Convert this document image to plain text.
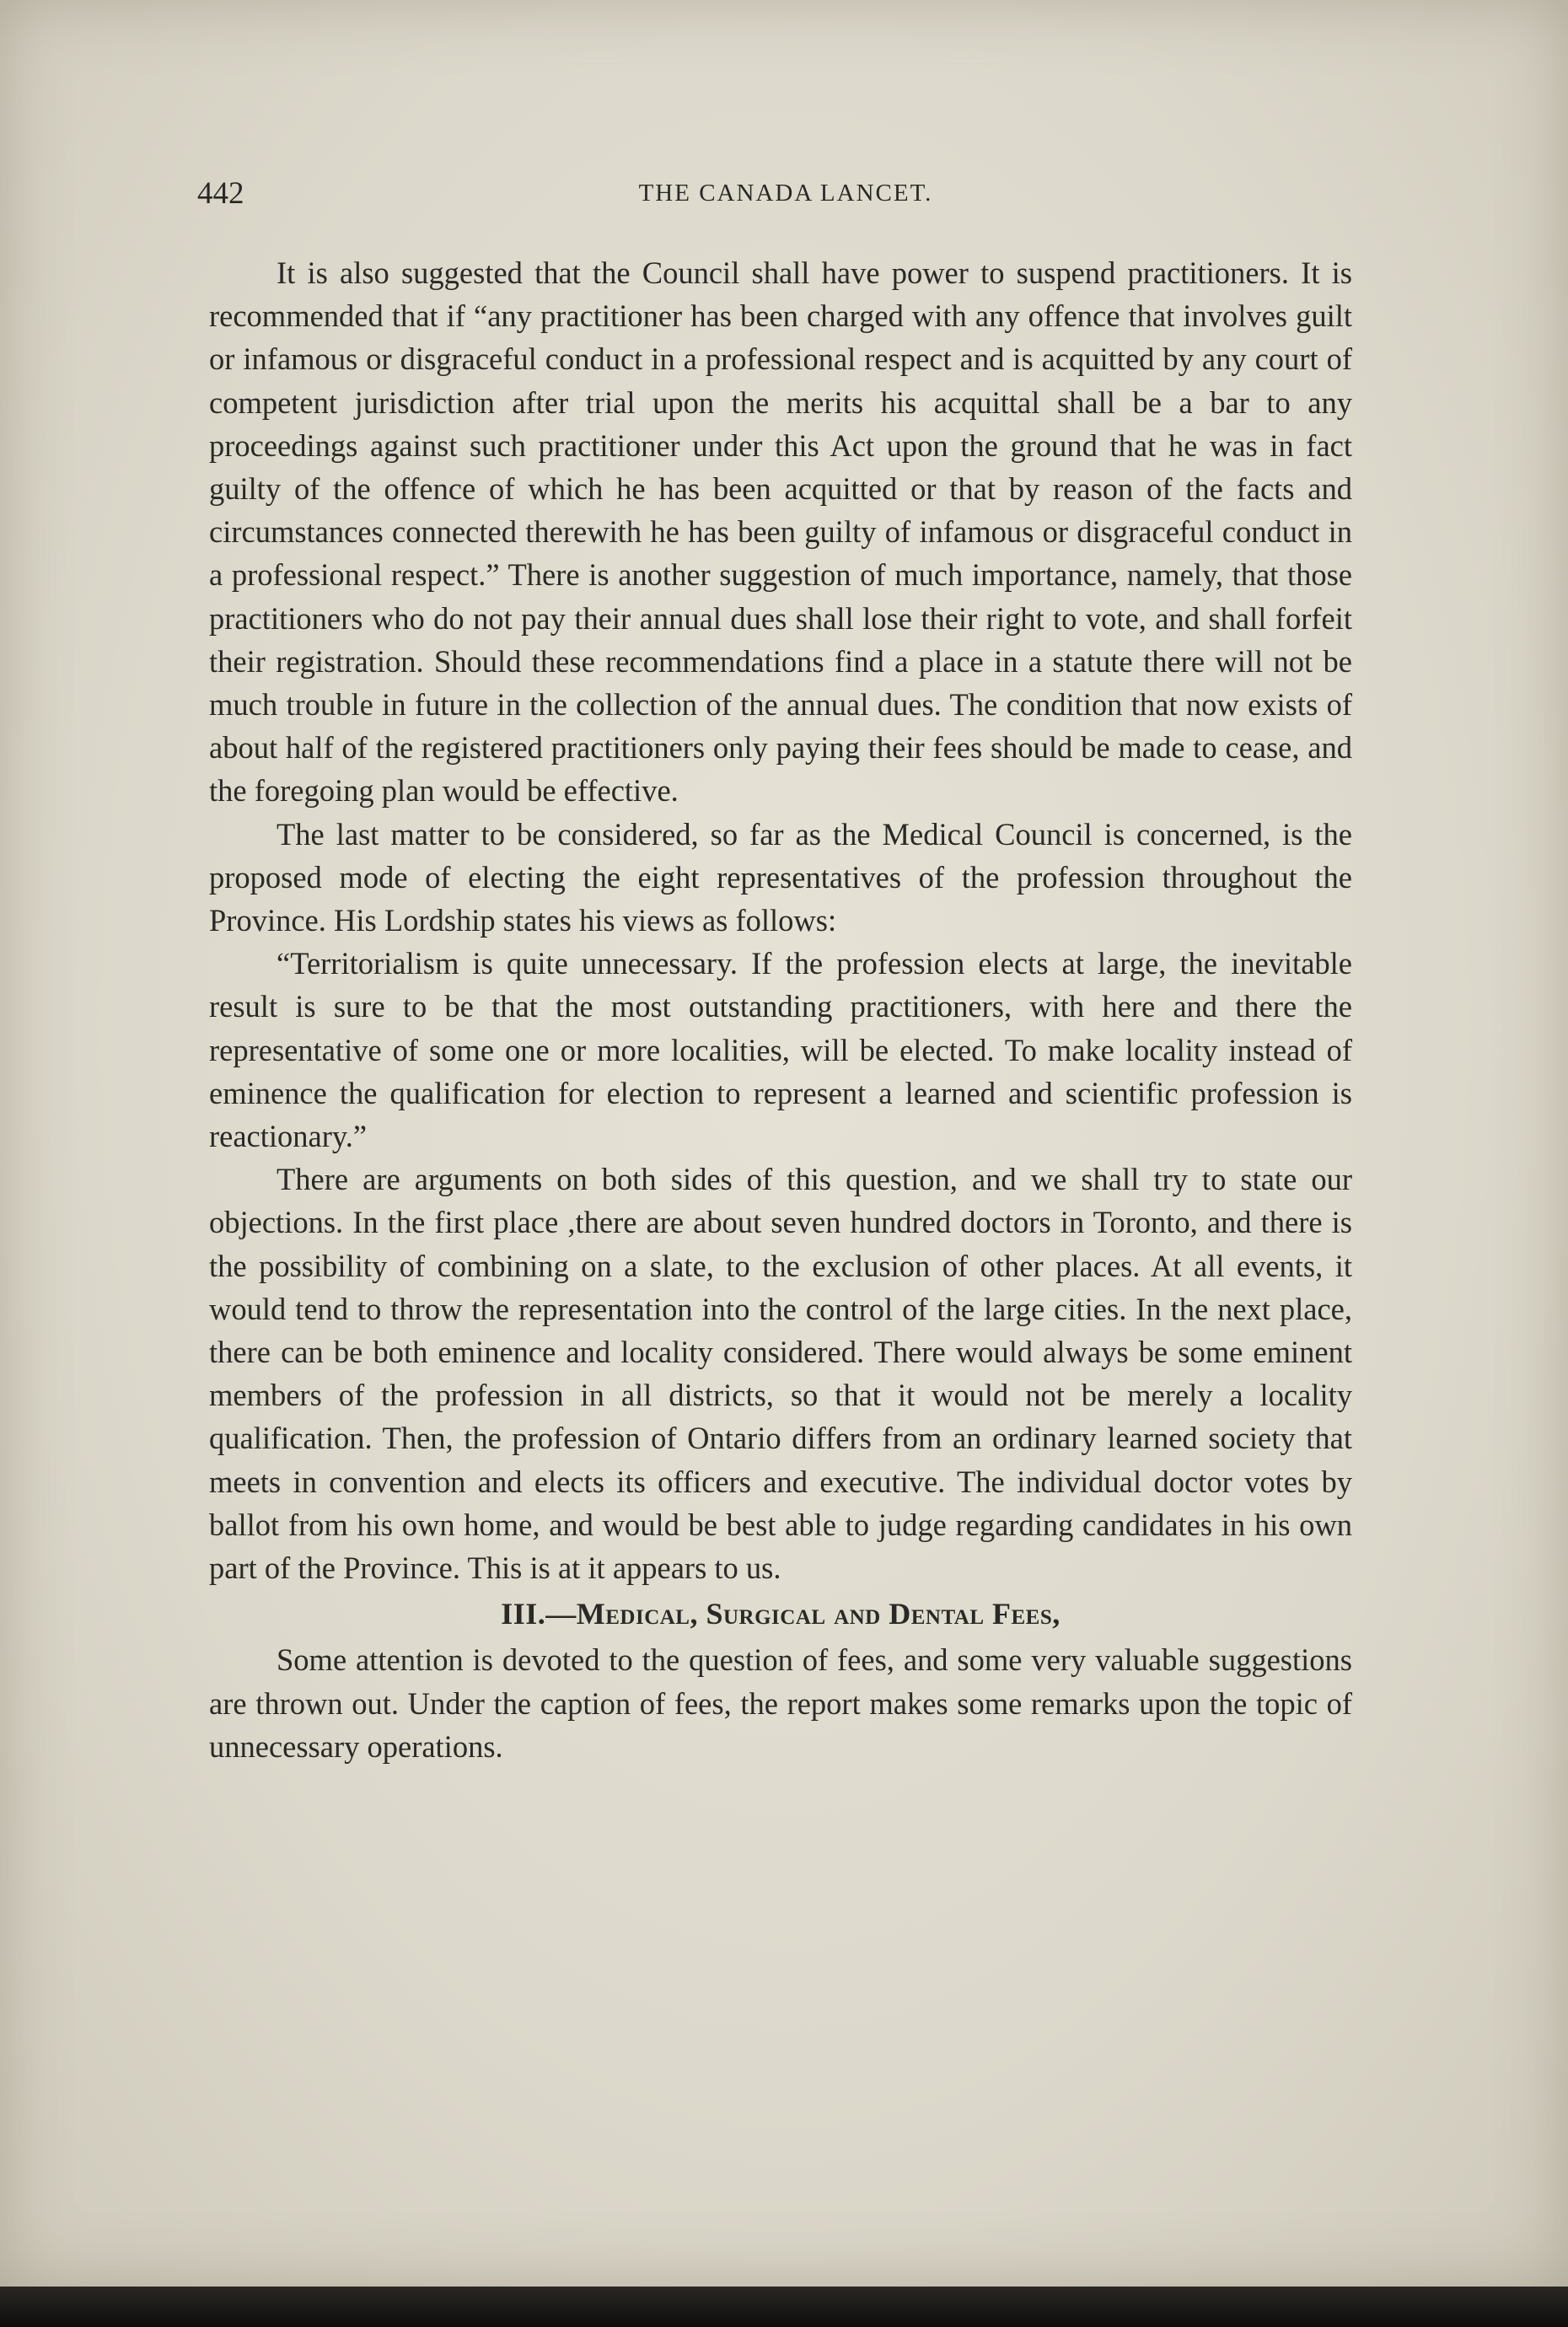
442	THE CANADA LANCET.

It is also suggested that the Council shall have power to suspend practitioners. It is recommended that if “any practitioner has been charged with any offence that involves guilt or infamous or disgraceful conduct in a professional respect and is acquitted by any court of competent jurisdiction after trial upon the merits his acquittal shall be a bar to any proceedings against such practitioner under this Act upon the ground that he was in fact guilty of the offence of which he has been acquitted or that by reason of the facts and circumstances connected therewith he has been guilty of infamous or disgraceful conduct in a professional respect.” There is another suggestion of much importance, namely, that those practitioners who do not pay their annual dues shall lose their right to vote, and shall forfeit their registration. Should these recommendations find a place in a statute there will not be much trouble in future in the collection of the annual dues. The condition that now exists of about half of the registered practitioners only paying their fees should be made to cease, and the foregoing plan would be effective.

The last matter to be considered, so far as the Medical Council is concerned, is the proposed mode of electing the eight representatives of the profession throughout the Province. His Lordship states his views as follows:

“Territorialism is quite unnecessary. If the profession elects at large, the inevitable result is sure to be that the most outstanding practitioners, with here and there the representative of some one or more localities, will be elected. To make locality instead of eminence the qualification for election to represent a learned and scientific profession is reactionary.”

There are arguments on both sides of this question, and we shall try to state our objections. In the first place ,there are about seven hundred doctors in Toronto, and there is the possibility of combining on a slate, to the exclusion of other places. At all events, it would tend to throw the representation into the control of the large cities. In the next place, there can be both eminence and locality considered. There would always be some eminent members of the profession in all districts, so that it would not be merely a locality qualification. Then, the profession of Ontario differs from an ordinary learned society that meets in convention and elects its officers and executive. The individual doctor votes by ballot from his own home, and would be best able to judge regarding candidates in his own part of the Province. This is at it appears to us.

III.—Medical, Surgical and Dental Fees,

Some attention is devoted to the question of fees, and some very valuable suggestions are thrown out. Under the caption of fees, the report makes some remarks upon the topic of unnecessary operations.
